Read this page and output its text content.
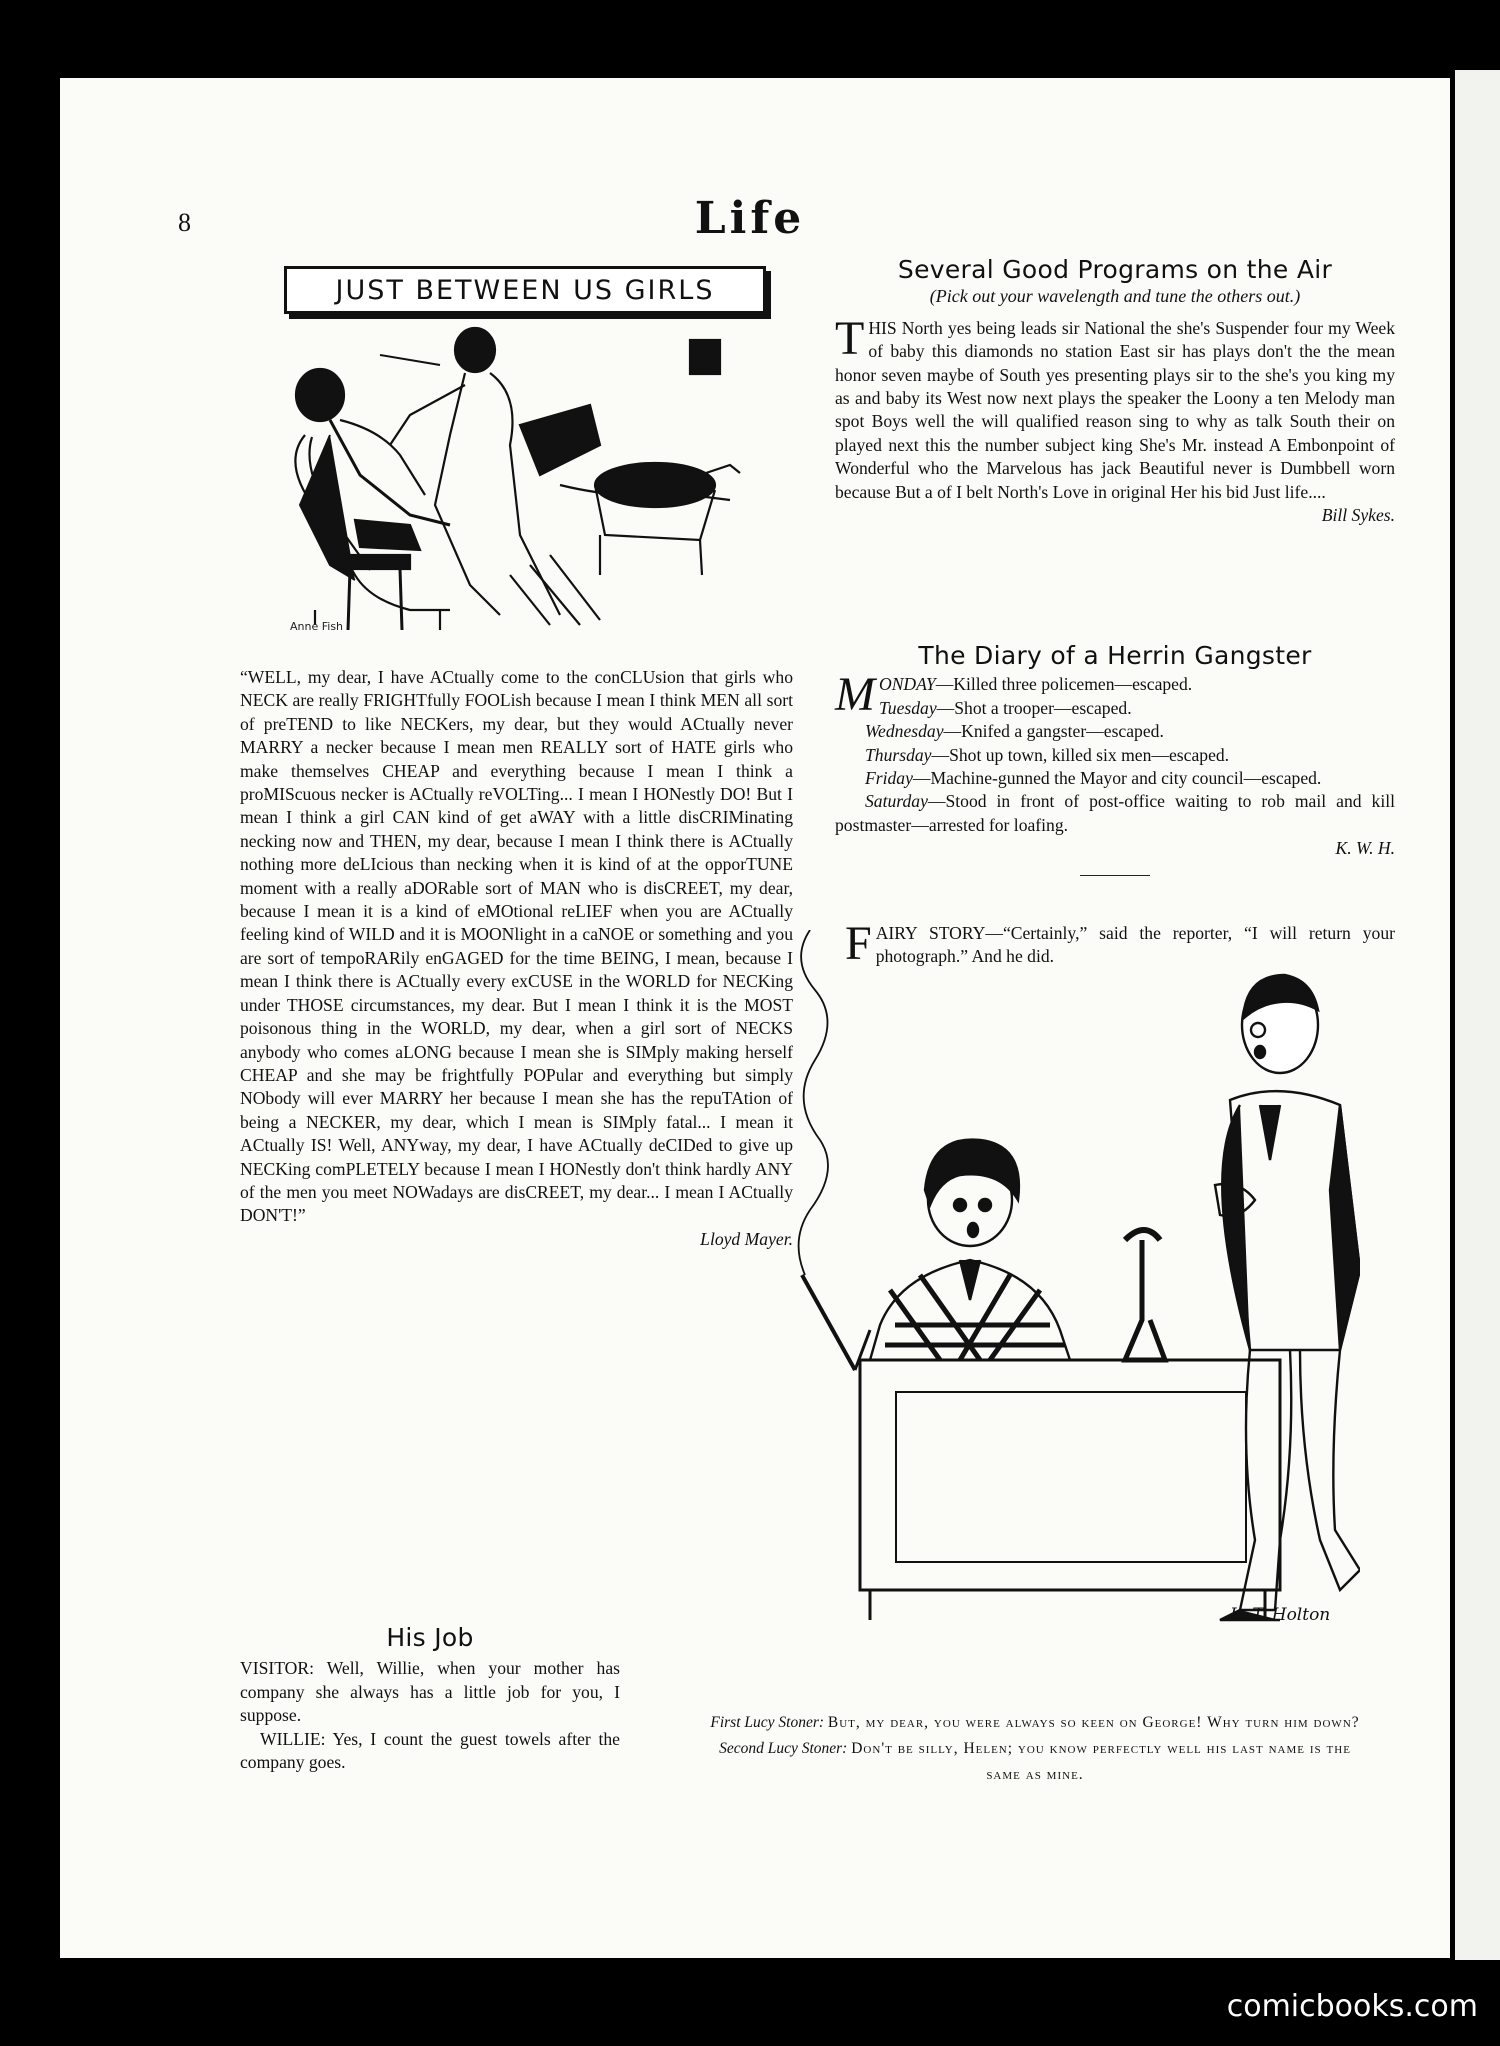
8	Life
JUST BETWEEN US GIRLS
Anne Fish

“WELL, my dear, I have ACtually come to the conCLUsion that girls who NECK are really FRIGHTfully FOOLish because I mean I think MEN all sort of preTEND to like NECKers, my dear, but they would ACtually never MARRY a necker because I mean men REALLY sort of HATE girls who make themselves CHEAP and everything because I mean I think a proMIScuous necker is ACtually reVOLTing... I mean I HONestly DO! But I mean I think a girl CAN kind of get aWAY with a little disCRIMinating necking now and THEN, my dear, because I mean I think there is ACtually nothing more deLIcious than necking when it is kind of at the opporTUNE moment with a really aDORable sort of MAN who is disCREET, my dear, because I mean it is a kind of eMOtional reLIEF when you are ACtually feeling kind of WILD and it is MOONlight in a caNOE or something and you are sort of tempoRARily enGAGED for the time BEING, I mean, because I mean I think there is ACtually every exCUSE in the WORLD for NECKing under THOSE circumstances, my dear. But I mean I think it is the MOST poisonous thing in the WORLD, my dear, when a girl sort of NECKS anybody who comes aLONG because I mean she is SIMply making herself CHEAP and she may be frightfully POPular and everything but simply NObody will ever MARRY her because I mean she has the repuTAtion of being a NECKER, my dear, which I mean is SIMply fatal... I mean it ACtually IS! Well, ANYway, my dear, I have ACtually deCIDed to give up NECKing comPLETELY because I mean I HONestly don't think hardly ANY of the men you meet NOWadays are disCREET, my dear... I mean I ACtually DON'T!”

Lloyd Mayer.

His Job

VISITOR: Well, Willie, when your mother has company she always has a little job for you, I suppose.

WILLIE: Yes, I count the guest towels after the company goes.

Several Good Programs on the Air
(Pick out your wavelength and tune the others out.)

T HIS North yes being leads sir National the she's Suspender four my Week of baby this diamonds no station East sir has plays don't the the mean honor seven maybe of South yes presenting plays sir to the she's you king my as and baby its West now next plays the speaker the Loony a ten Melody man spot Boys well the will qualified reason sing to why as talk South their on played next this the number subject king She's Mr. instead A Embonpoint of Wonderful who the Marvelous has jack Beautiful never is Dumbbell worn because But a of I belt North's Love in original Her his bid Just life....

Bill Sykes.

The Diary of a Herrin Gangster

M ONDAY—Killed three policemen—escaped.
Tuesday—Shot a trooper—escaped.

Wednesday—Knifed a gangster—escaped.

Thursday—Shot up town, killed six men—escaped.

Friday—Machine-gunned the Mayor and city council—escaped.

Saturday—Stood in front of post-office waiting to rob mail and kill postmaster—arrested for loafing.

K. W. H.

F AIRY STORY—“Certainly,” said the reporter, “I will return your photograph.” And he did.

L. T. Holton
First Lucy Stoner: But, my dear, you were always so keen on George! Why turn him down?
Second Lucy Stoner: Don't be silly, Helen; you know perfectly well his last name is the same as mine.
comicbooks.com
